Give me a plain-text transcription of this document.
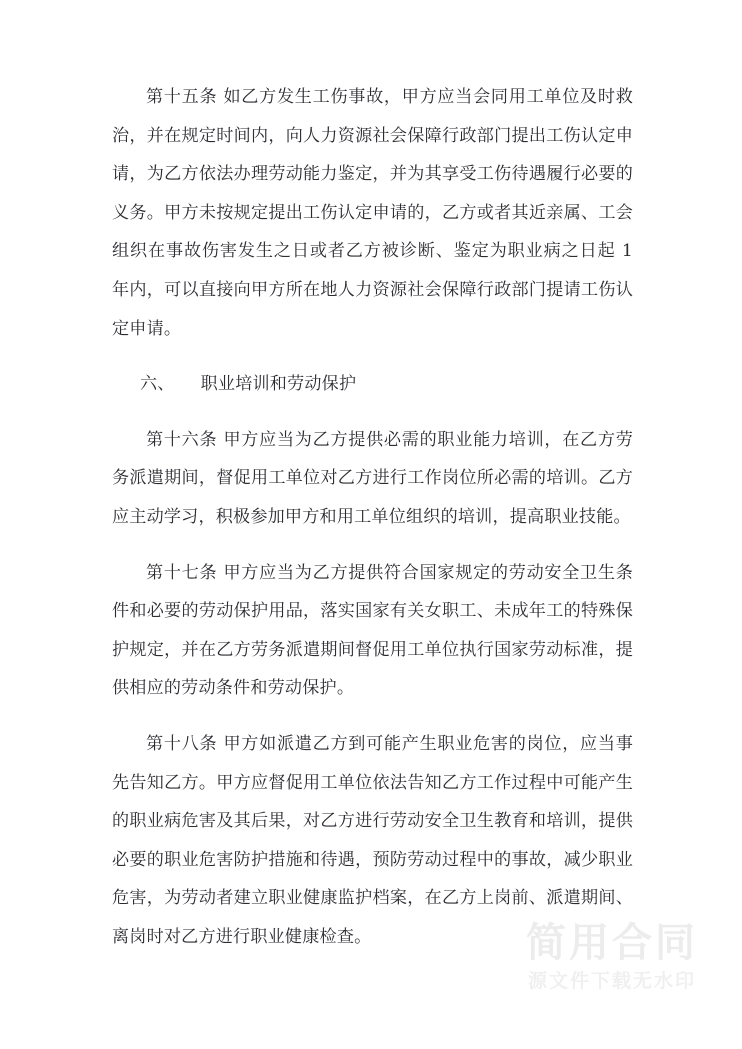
第十五条 如乙方发生工伤事故，甲方应当会同用工单位及时救治，并在规定时间内，向人力资源社会保障行政部门提出工伤认定申请，为乙方依法办理劳动能力鉴定，并为其享受工伤待遇履行必要的义务。甲方未按规定提出工伤认定申请的，乙方或者其近亲属、工会组织在事故伤害发生之日或者乙方被诊断、鉴定为职业病之日起 1 年内，可以直接向甲方所在地人力资源社会保障行政部门提请工伤认定申请。

六、　　职业培训和劳动保护

第十六条 甲方应当为乙方提供必需的职业能力培训，在乙方劳务派遣期间，督促用工单位对乙方进行工作岗位所必需的培训。乙方应主动学习，积极参加甲方和用工单位组织的培训，提高职业技能。

第十七条 甲方应当为乙方提供符合国家规定的劳动安全卫生条件和必要的劳动保护用品，落实国家有关女职工、未成年工的特殊保护规定，并在乙方劳务派遣期间督促用工单位执行国家劳动标准，提供相应的劳动条件和劳动保护。

第十八条 甲方如派遣乙方到可能产生职业危害的岗位，应当事先告知乙方。甲方应督促用工单位依法告知乙方工作过程中可能产生的职业病危害及其后果，对乙方进行劳动安全卫生教育和培训，提供必要的职业危害防护措施和待遇，预防劳动过程中的事故，减少职业危害，为劳动者建立职业健康监护档案，在乙方上岗前、派遣期间、离岗时对乙方进行职业健康检查。	简用合同
源文件下载无水印
